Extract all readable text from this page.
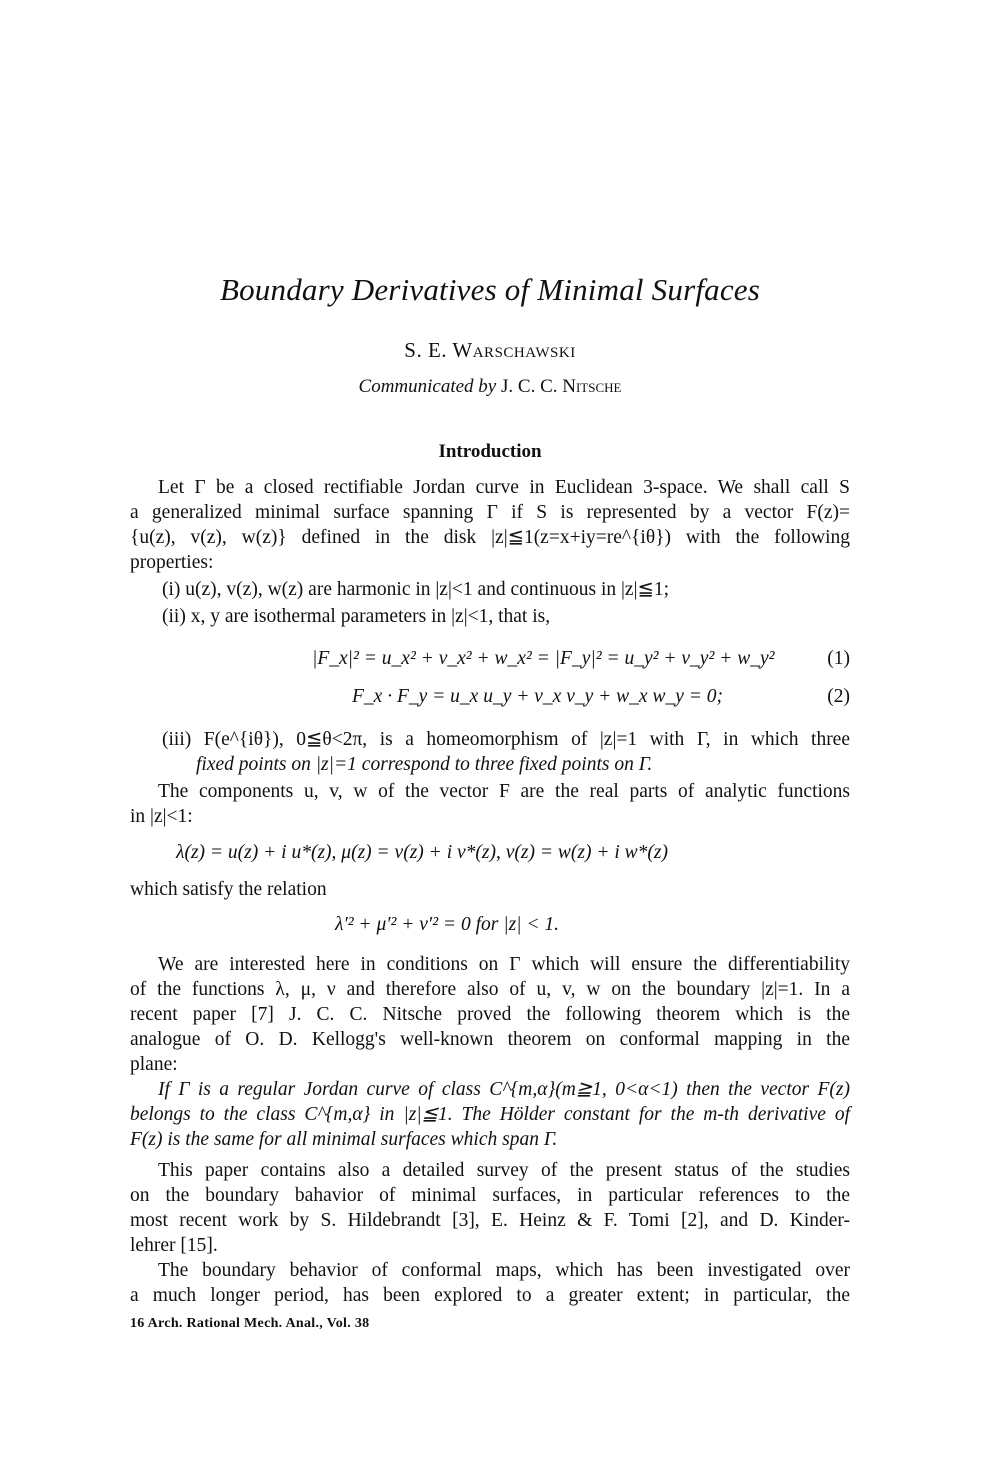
Boundary Derivatives of Minimal Surfaces
S. E. Warschawski
Communicated by J. C. C. Nitsche
Introduction
Let Γ be a closed rectifiable Jordan curve in Euclidean 3-space. We shall call S
a generalized minimal surface spanning Γ if S is represented by a vector F(z)=
{u(z), v(z), w(z)} defined in the disk |z|≦1(z=x+iy=re^{iθ}) with the following
properties:
(i) u(z), v(z), w(z) are harmonic in |z|<1 and continuous in |z|≦1;
(ii) x, y are isothermal parameters in |z|<1, that is,
|F_x|² = u_x² + v_x² + w_x² = |F_y|² = u_y² + v_y² + w_y²	(1)
F_x · F_y = u_x u_y + v_x v_y + w_x w_y = 0;	(2)
(iii) F(e^{iθ}), 0≦θ<2π, is a homeomorphism of |z|=1 with Γ, in which three
fixed points on |z|=1 correspond to three fixed points on Γ.
The components u, v, w of the vector F are the real parts of analytic functions
in |z|<1:
λ(z) = u(z) + i u*(z), μ(z) = v(z) + i v*(z), ν(z) = w(z) + i w*(z)
which satisfy the relation
λ′² + μ′² + ν′² = 0 for |z| < 1.
We are interested here in conditions on Γ which will ensure the differentiability
of the functions λ, μ, ν and therefore also of u, v, w on the boundary |z|=1. In a
recent paper [7] J. C. C. Nitsche proved the following theorem which is the
analogue of O. D. Kellogg's well-known theorem on conformal mapping in the
plane:
If Γ is a regular Jordan curve of class C^{m,α}(m≧1, 0<α<1) then the vector F(z)
belongs to the class C^{m,α} in |z|≦1. The Hölder constant for the m-th derivative of
F(z) is the same for all minimal surfaces which span Γ.
This paper contains also a detailed survey of the present status of the studies
on the boundary bahavior of minimal surfaces, in particular references to the
most recent work by S. Hildebrandt [3], E. Heinz & F. Tomi [2], and D. Kinder-
lehrer [15].
The boundary behavior of conformal maps, which has been investigated over
a much longer period, has been explored to a greater extent; in particular, the
16 Arch. Rational Mech. Anal., Vol. 38
